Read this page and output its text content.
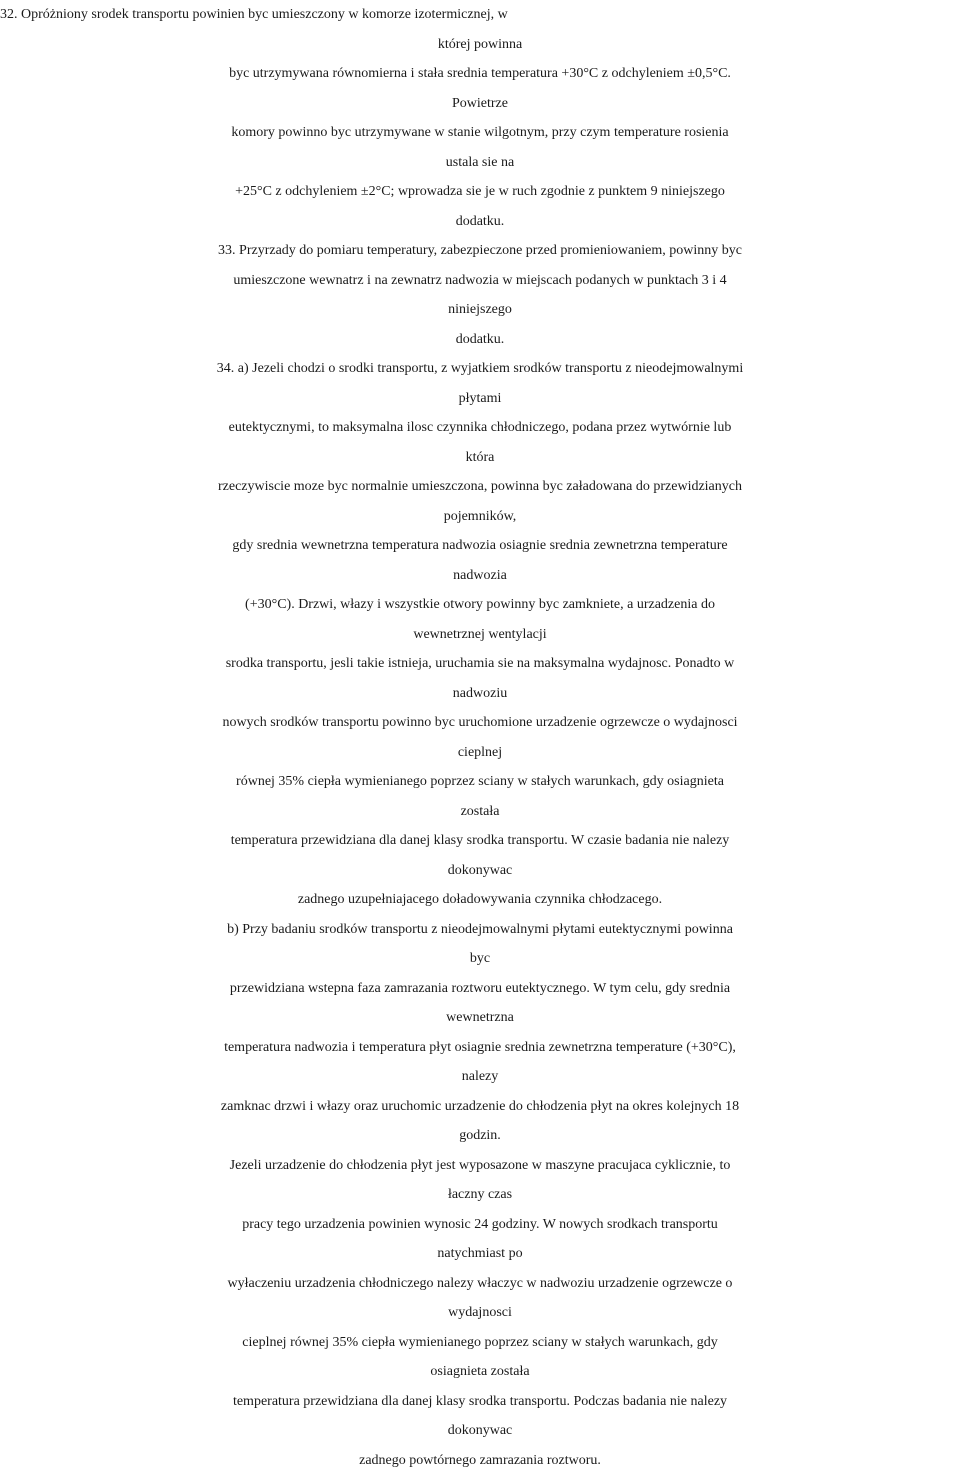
32. Opróżniony srodek transportu powinien byc umieszczony w komorze izotermicznej, w
której powinna
byc utrzymywana równomierna i stała srednia temperatura +30°C z odchyleniem ±0,5°C.
Powietrze
komory powinno byc utrzymywane w stanie wilgotnym, przy czym temperature rosienia
ustala sie na
+25°C z odchyleniem ±2°C; wprowadza sie je w ruch zgodnie z punktem 9 niniejszego
dodatku.
33. Przyrzady do pomiaru temperatury, zabezpieczone przed promieniowaniem, powinny byc
umieszczone wewnatrz i na zewnatrz nadwozia w miejscach podanych w punktach 3 i 4
niniejszego
dodatku.
34. a) Jezeli chodzi o srodki transportu, z wyjatkiem srodków transportu z nieodejmowalnymi
płytami
eutektycznymi, to maksymalna ilosc czynnika chłodniczego, podana przez wytwórnie lub
która
rzeczywiscie moze byc normalnie umieszczona, powinna byc załadowana do przewidzianych
pojemników,
gdy srednia wewnetrzna temperatura nadwozia osiagnie srednia zewnetrzna temperature
nadwozia
(+30°C). Drzwi, włazy i wszystkie otwory powinny byc zamkniete, a urzadzenia do
wewnetrznej wentylacji
srodka transportu, jesli takie istnieja, uruchamia sie na maksymalna wydajnosc. Ponadto w
nadwoziu
nowych srodków transportu powinno byc uruchomione urzadzenie ogrzewcze o wydajnosci
cieplnej
równej 35% ciepła wymienianego poprzez sciany w stałych warunkach, gdy osiagnieta
została
temperatura przewidziana dla danej klasy srodka transportu. W czasie badania nie nalezy
dokonywac
zadnego uzupełniajacego doładowywania czynnika chłodzacego.
b) Przy badaniu srodków transportu z nieodejmowalnymi płytami eutektycznymi powinna
byc
przewidziana wstepna faza zamrazania roztworu eutektycznego. W tym celu, gdy srednia
wewnetrzna
temperatura nadwozia i temperatura płyt osiagnie srednia zewnetrzna temperature (+30°C),
nalezy
zamknac drzwi i włazy oraz uruchomic urzadzenie do chłodzenia płyt na okres kolejnych 18
godzin.
Jezeli urzadzenie do chłodzenia płyt jest wyposazone w maszyne pracujaca cyklicznie, to
łaczny czas
pracy tego urzadzenia powinien wynosic 24 godziny. W nowych srodkach transportu
natychmiast po
wyłaczeniu urzadzenia chłodniczego nalezy właczyc w nadwoziu urzadzenie ogrzewcze o
wydajnosci
cieplnej równej 35% ciepła wymienianego poprzez sciany w stałych warunkach, gdy
osiagnieta została
temperatura przewidziana dla danej klasy srodka transportu. Podczas badania nie nalezy
dokonywac
zadnego powtórnego zamrazania roztworu.
